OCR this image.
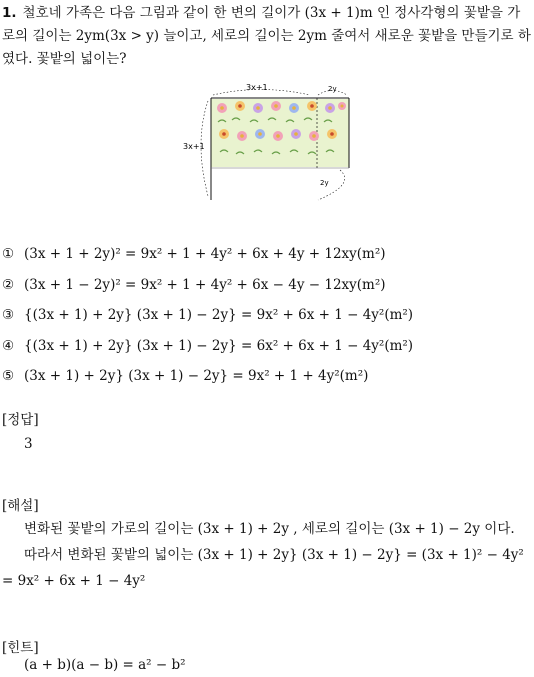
1. 철호네 가족은 다음 그림과 같이 한 변의 길이가 (3x + 1)m 인 정사각형의 꽃밭을 가로의 길이는 2ym(3x > y) 늘이고, 세로의 길이는 2ym 줄여서 새로운 꽃밭을 만들기로 하였다. 꽃밭의 넓이는?
3x+1	2y
3x+1
2y
① (3x + 1 + 2y)² = 9x² + 1 + 4y² + 6x + 4y + 12xy(m²)
② (3x + 1 − 2y)² = 9x² + 1 + 4y² + 6x − 4y − 12xy(m²)
③ {(3x + 1) + 2y} (3x + 1) − 2y} = 9x² + 6x + 1 − 4y²(m²)
④ {(3x + 1) + 2y} (3x + 1) − 2y} = 6x² + 6x + 1 − 4y²(m²)
⑤ (3x + 1) + 2y} (3x + 1) − 2y} = 9x² + 1 + 4y²(m²)
[정답]
3
[해설]
변화된 꽃밭의 가로의 길이는 (3x + 1) + 2y , 세로의 길이는 (3x + 1) − 2y 이다.
따라서 변화된 꽃밭의 넓이는 (3x + 1) + 2y} (3x + 1) − 2y} = (3x + 1)² − 4y² = 9x² + 6x + 1 − 4y²
[힌트]
(a + b)(a − b) = a² − b²
